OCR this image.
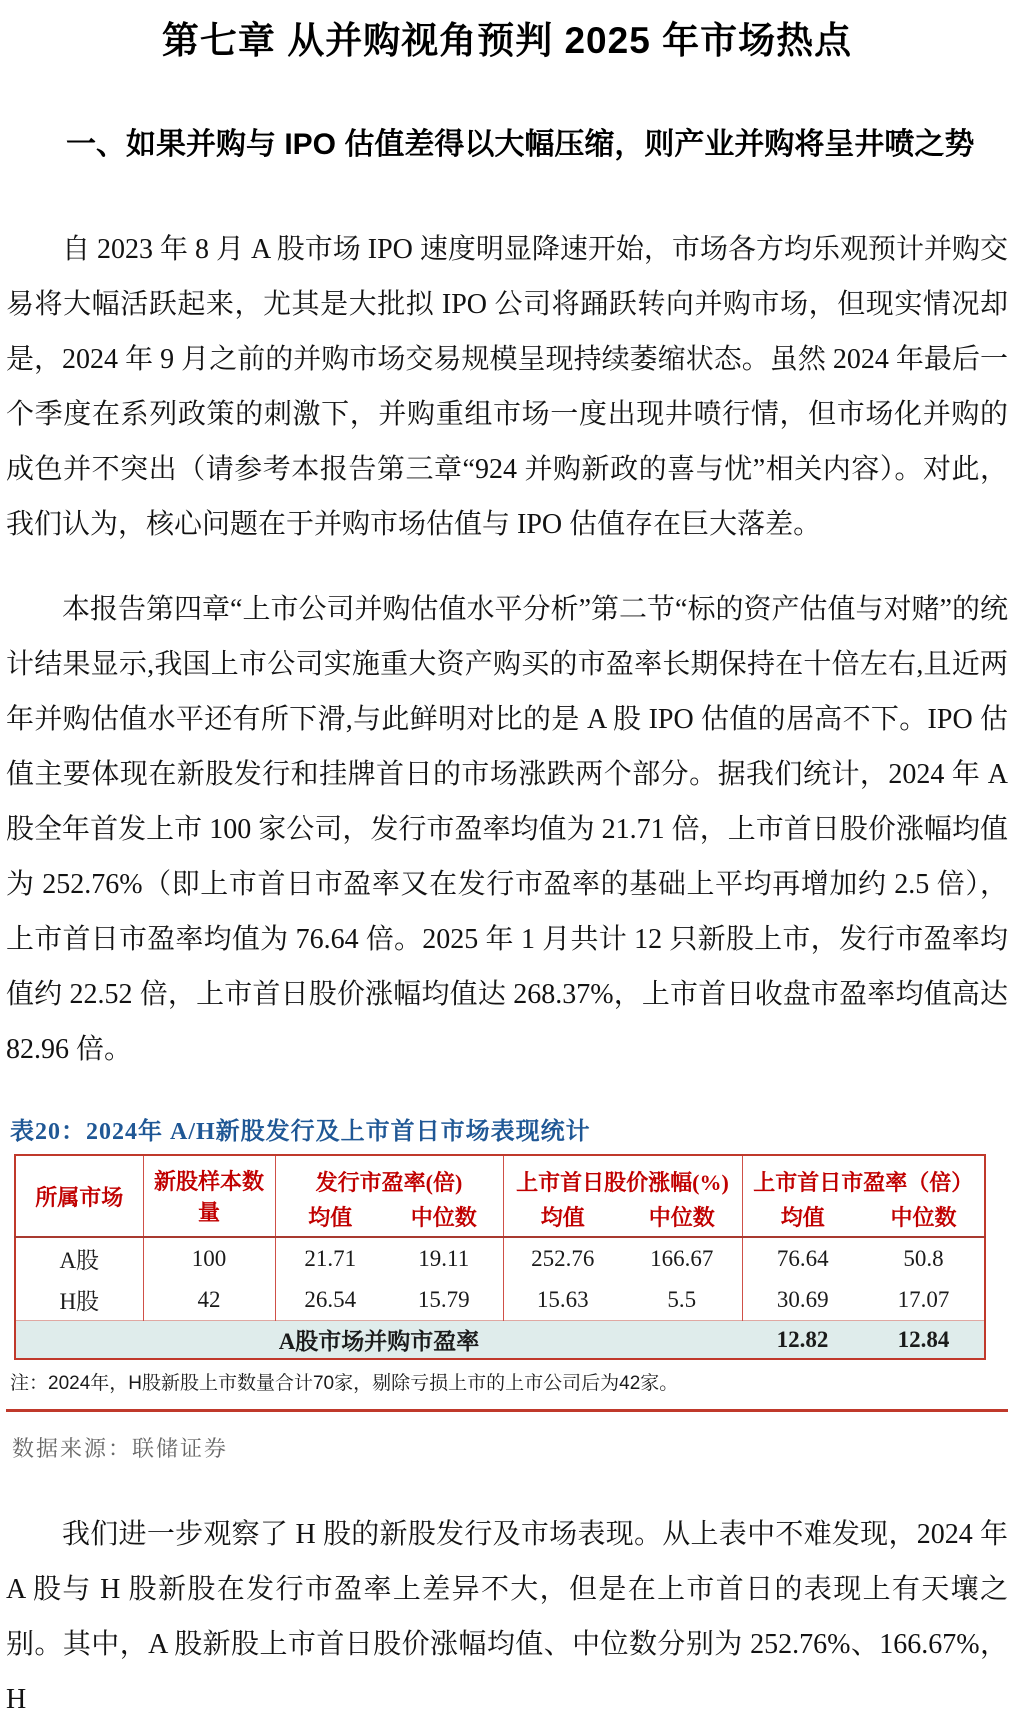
第七章 从并购视角预判 2025 年市场热点
一、如果并购与 IPO 估值差得以大幅压缩，则产业并购将呈井喷之势

自 2023 年 8 月 A 股市场 IPO 速度明显降速开始，市场各方均乐观预计并购交易将大幅活跃起来，尤其是大批拟 IPO 公司将踊跃转向并购市场，但现实情况却是，2024 年 9 月之前的并购市场交易规模呈现持续萎缩状态。虽然 2024 年最后一个季度在系列政策的刺激下，并购重组市场一度出现井喷行情，但市场化并购的成色并不突出（请参考本报告第三章“924 并购新政的喜与忧”相关内容）。对此，我们认为，核心问题在于并购市场估值与 IPO 估值存在巨大落差。

本报告第四章“上市公司并购估值水平分析”第二节“标的资产估值与对赌”的统计结果显示,我国上市公司实施重大资产购买的市盈率长期保持在十倍左右,且近两年并购估值水平还有所下滑,与此鲜明对比的是 A 股 IPO 估值的居高不下。IPO 估值主要体现在新股发行和挂牌首日的市场涨跌两个部分。据我们统计，2024 年 A 股全年首发上市 100 家公司，发行市盈率均值为 21.71 倍，上市首日股价涨幅均值为 252.76%（即上市首日市盈率又在发行市盈率的基础上平均再增加约 2.5 倍），上市首日市盈率均值为 76.64 倍。2025 年 1 月共计 12 只新股上市，发行市盈率均值约 22.52 倍，上市首日股价涨幅均值达 268.37%，上市首日收盘市盈率均值高达 82.96 倍。

表20：2024年 A/H新股发行及上市首日市场表现统计
所属市场	新股样本数量	发行市盈率(倍)		上市首日股价涨幅(%)		上市首日市盈率（倍）	
		均值	中位数	均值	中位数	均值	中位数
A股	100	21.71	19.11	252.76	166.67	76.64	50.8
H股	42	26.54	15.79	15.63	5.5	30.69	17.07
A股市场并购市盈率						12.82	12.84
注：2024年，H股新股上市数量合计70家，剔除亏损上市的上市公司后为42家。
数据来源：联储证券

我们进一步观察了 H 股的新股发行及市场表现。从上表中不难发现，2024 年 A 股与 H 股新股在发行市盈率上差异不大，但是在上市首日的表现上有天壤之别。其中，A 股新股上市首日股价涨幅均值、中位数分别为 252.76%、166.67%，H
